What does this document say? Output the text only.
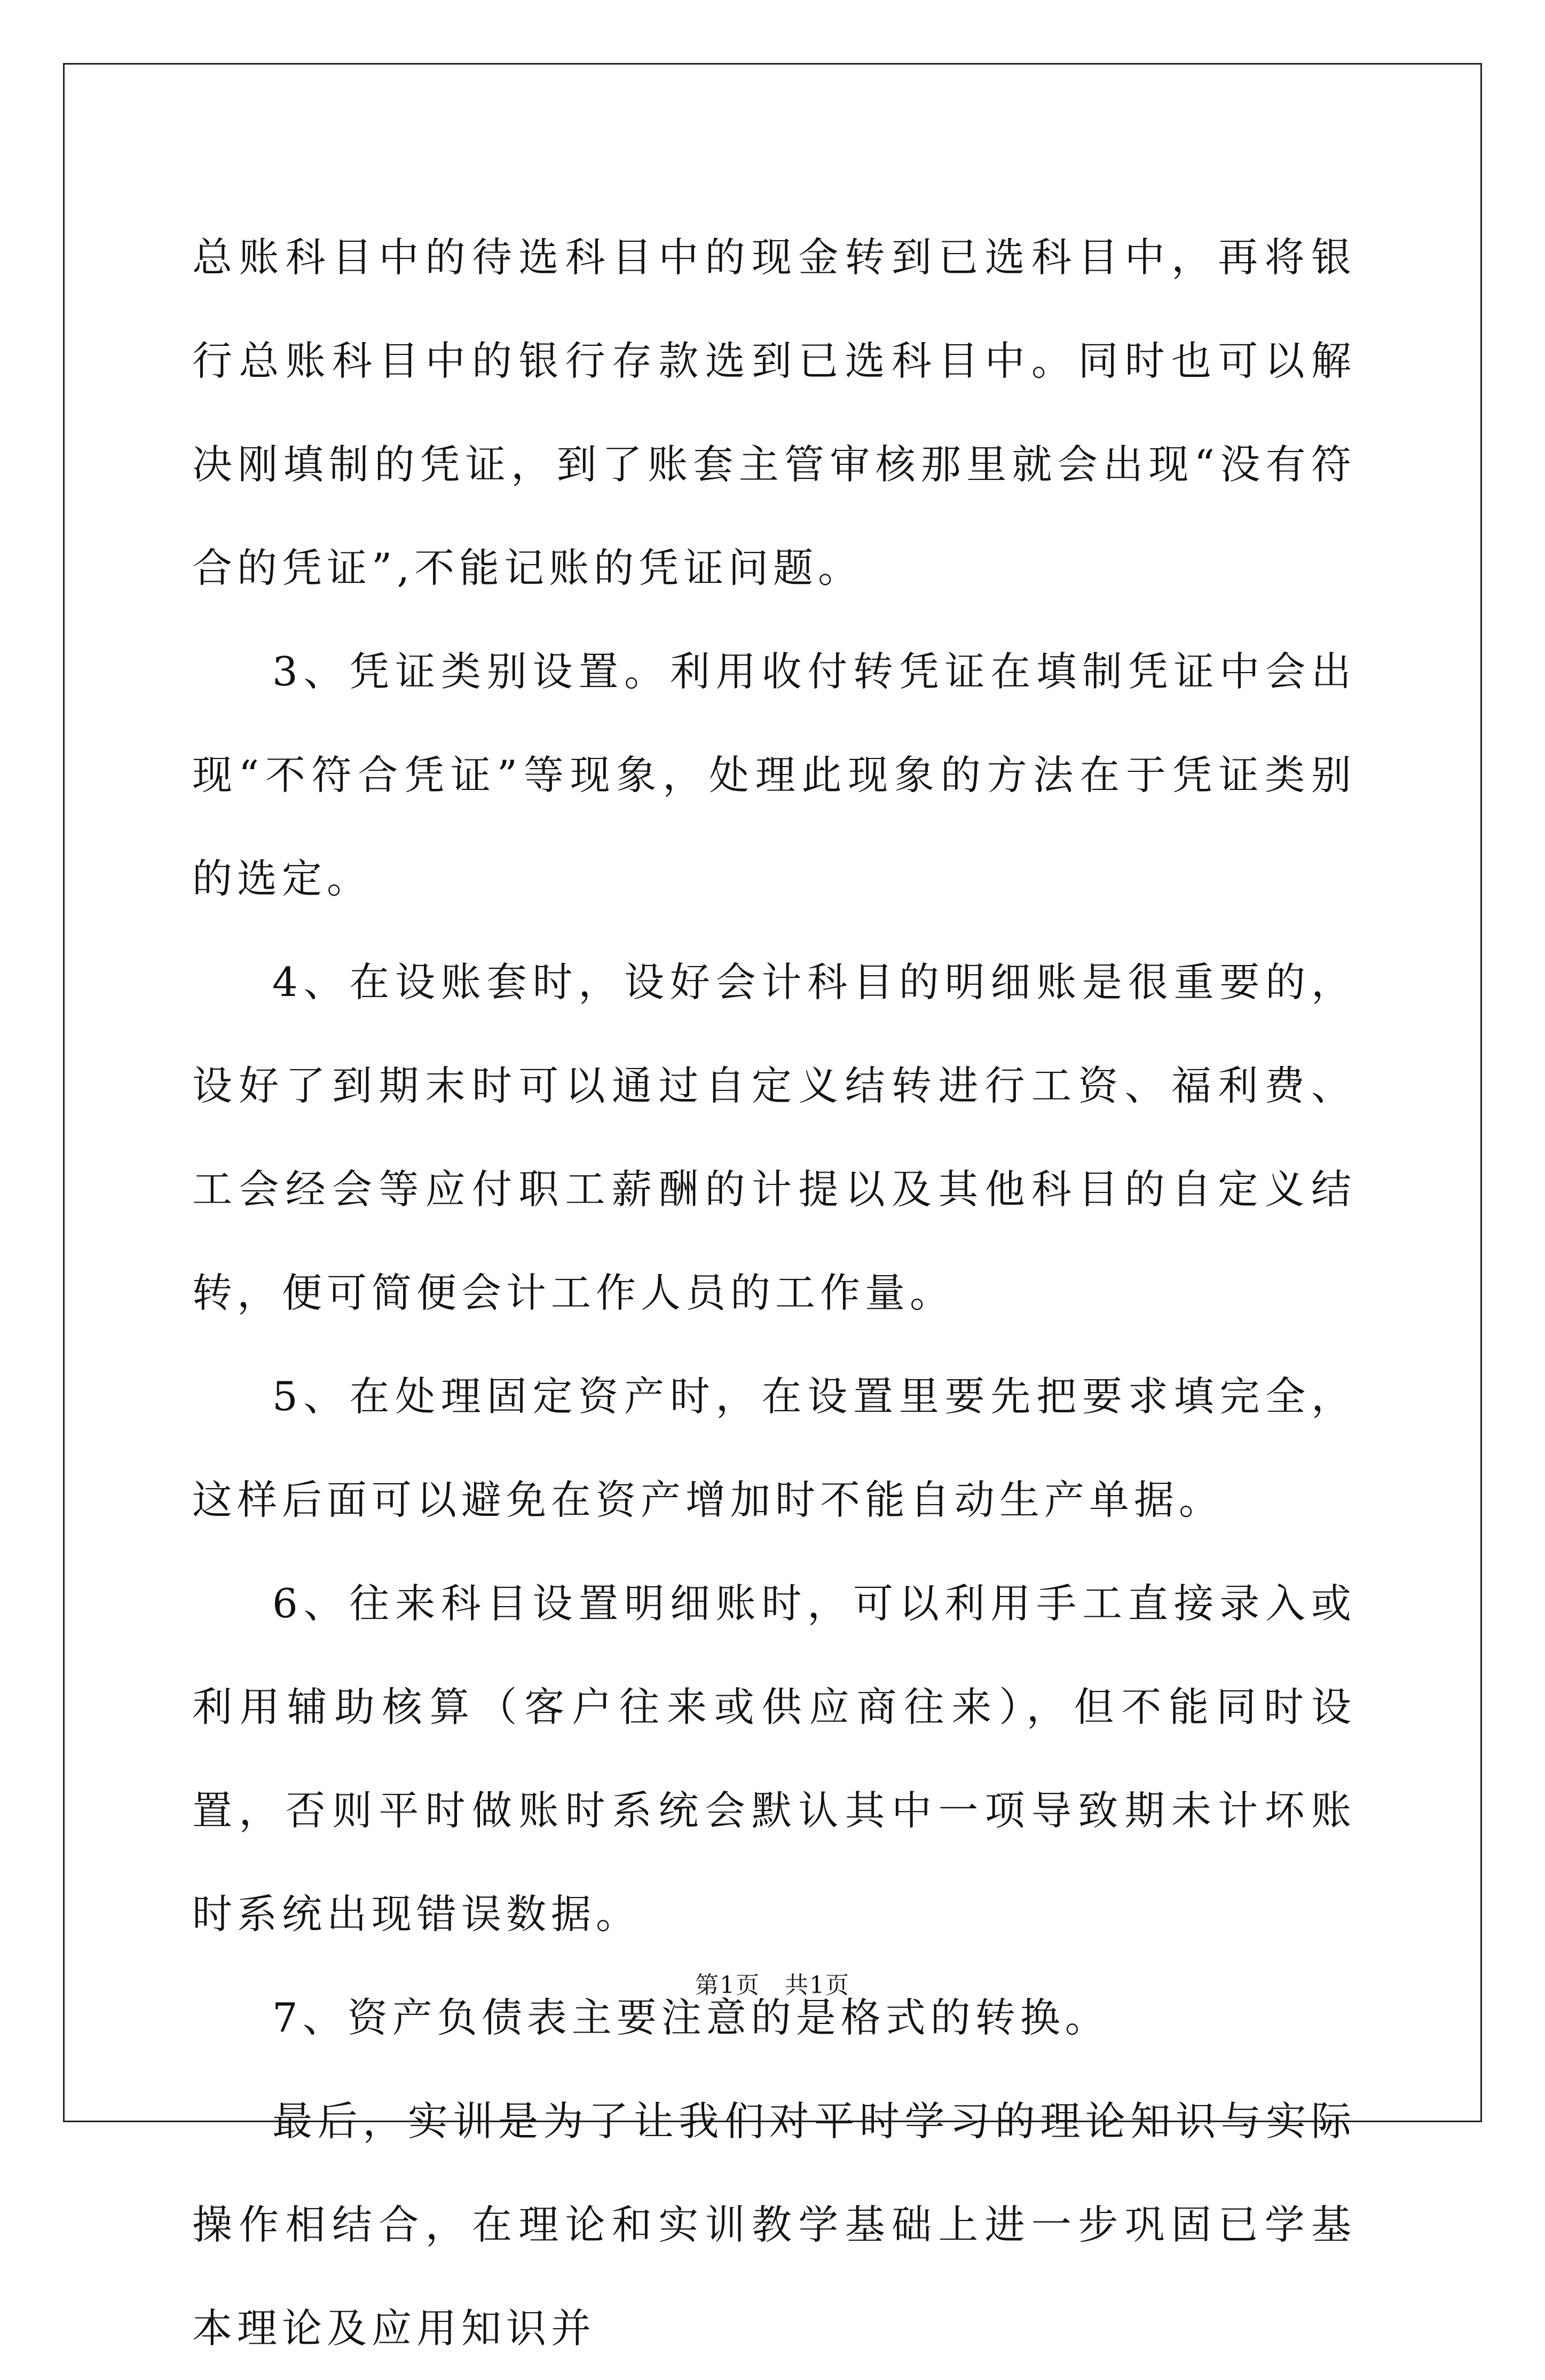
总账科目中的待选科目中的现金转到已选科目中，再将银行总账科目中的银行存款选到已选科目中。同时也可以解决刚填制的凭证，到了账套主管审核那里就会出现“没有符合的凭证”,不能记账的凭证问题。

3、凭证类别设置。利用收付转凭证在填制凭证中会出现“不符合凭证”等现象，处理此现象的方法在于凭证类别的选定。

4、在设账套时，设好会计科目的明细账是很重要的，设好了到期末时可以通过自定义结转进行工资、福利费、工会经会等应付职工薪酬的计提以及其他科目的自定义结转，便可简便会计工作人员的工作量。

5、在处理固定资产时，在设置里要先把要求填完全，这样后面可以避免在资产增加时不能自动生产单据。

6、往来科目设置明细账时，可以利用手工直接录入或利用辅助核算（客户往来或供应商往来），但不能同时设置，否则平时做账时系统会默认其中一项导致期未计坏账时系统出现错误数据。

7、资产负债表主要注意的是格式的转换。

最后，实训是为了让我们对平时学习的理论知识与实际操作相结合，在理论和实训教学基础上进一步巩固已学基本理论及应用知识并

第1页　共1页
